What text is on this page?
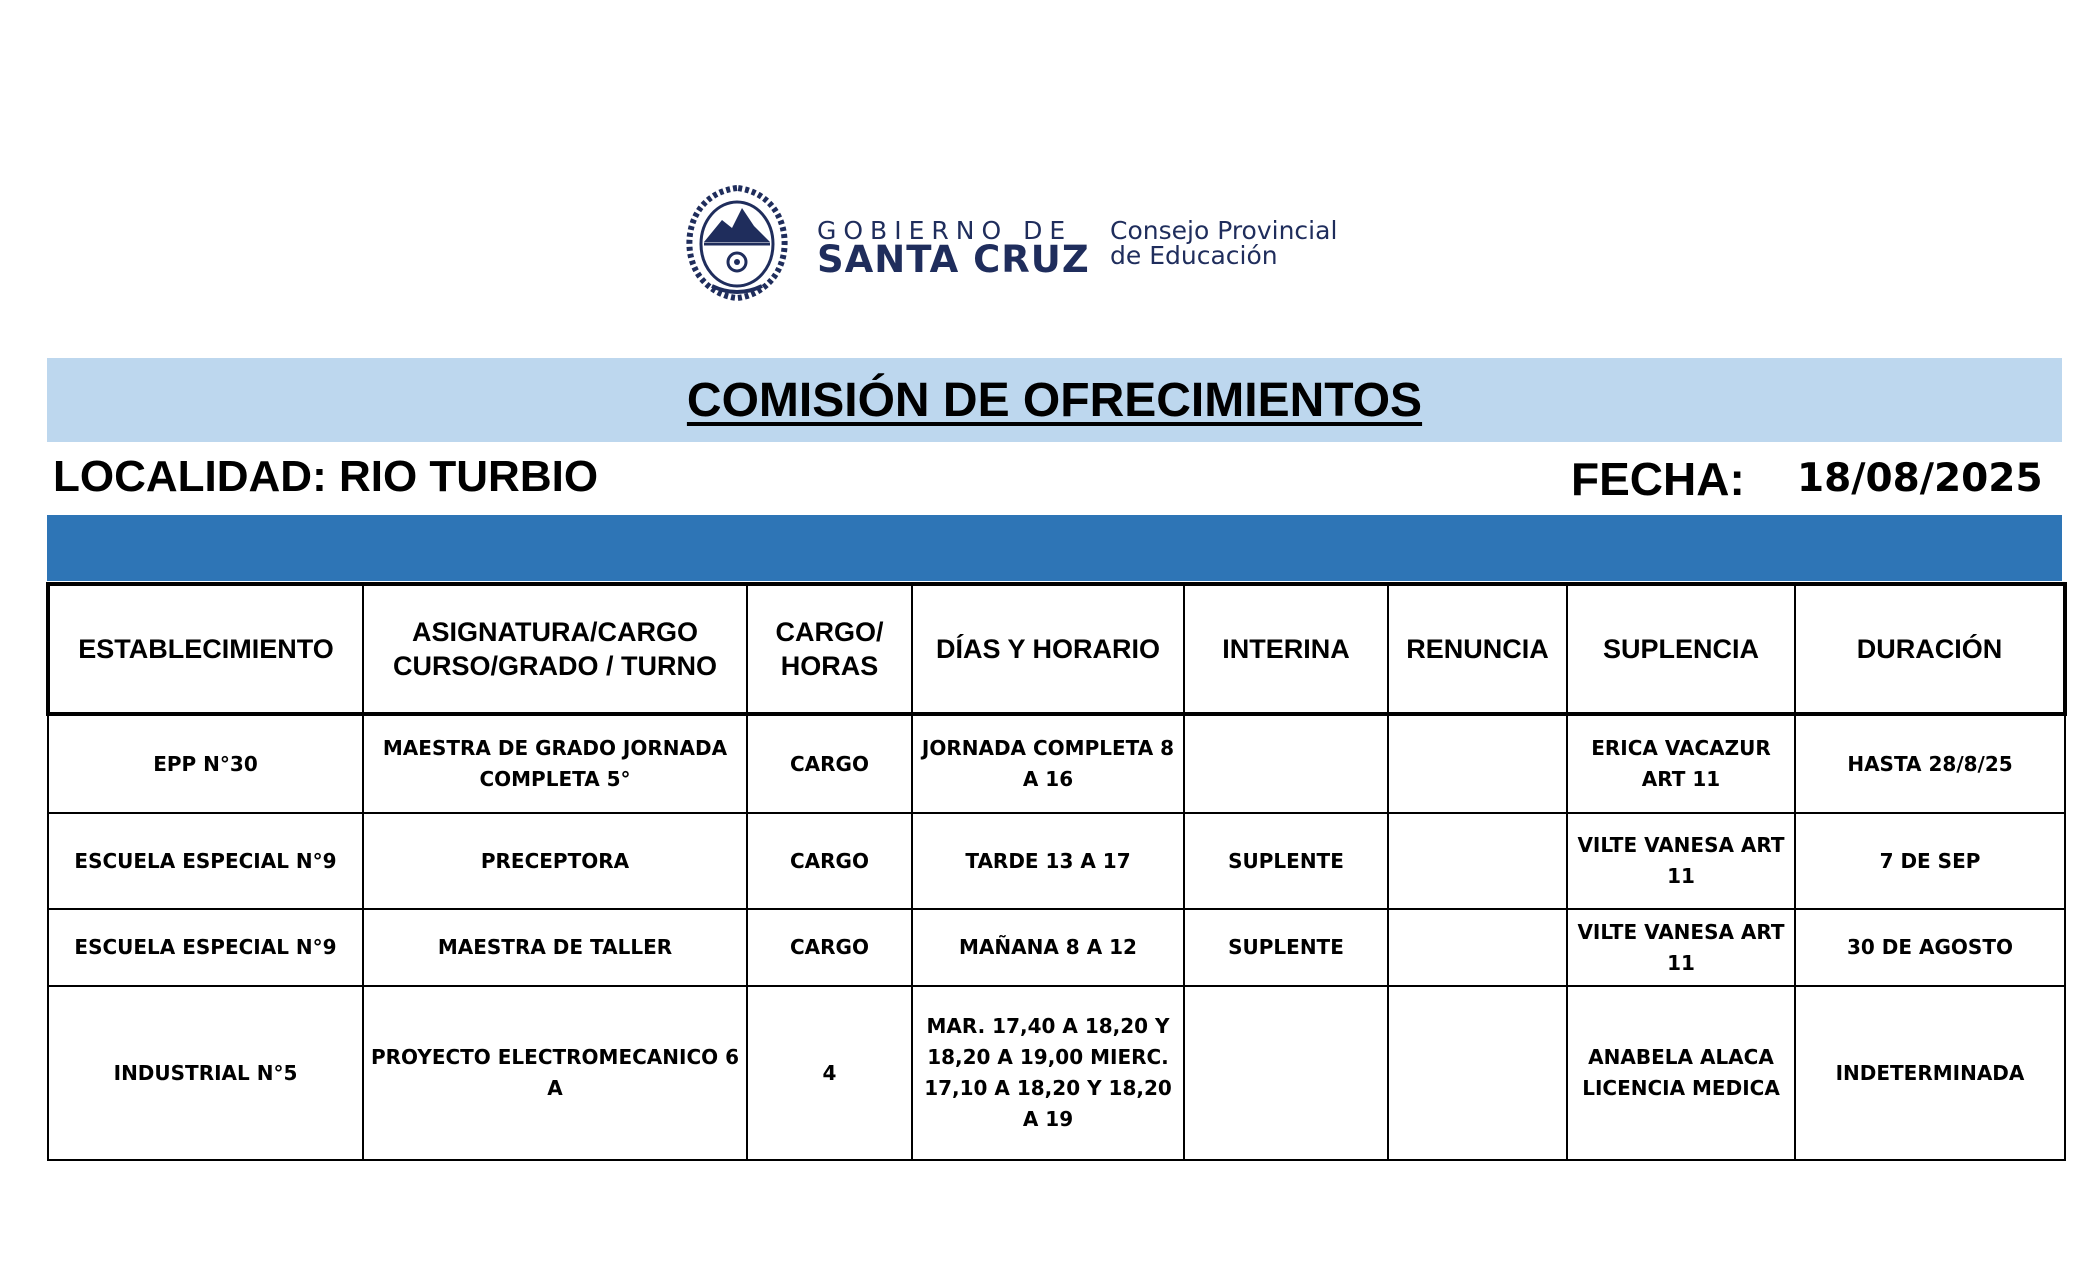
GOBIERNO DE
SANTA CRUZ
Consejo Provincial
de Educación
COMISIÓN DE OFRECIMIENTOS
LOCALIDAD: RIO TURBIO	FECHA: 18/08/2025
ESTABLECIMIENTO	ASIGNATURA/CARGO CURSO/GRADO / TURNO	CARGO/ HORAS	DÍAS Y HORARIO	INTERINA	RENUNCIA	SUPLENCIA	DURACIÓN
EPP N°30	MAESTRA DE GRADO JORNADA COMPLETA 5°	CARGO	JORNADA COMPLETA 8 A 16			ERICA VACAZUR ART 11	HASTA 28/8/25
ESCUELA ESPECIAL N°9	PRECEPTORA	CARGO	TARDE 13 A 17	SUPLENTE		VILTE VANESA ART 11	7 DE SEP
ESCUELA ESPECIAL N°9	MAESTRA DE TALLER	CARGO	MAÑANA 8 A 12	SUPLENTE		VILTE VANESA ART 11	30 DE AGOSTO
INDUSTRIAL N°5	PROYECTO ELECTROMECANICO 6 A	4	MAR. 17,40 A 18,20 Y 18,20 A 19,00 MIERC. 17,10 A 18,20 Y 18,20 A 19			ANABELA ALACA LICENCIA MEDICA	INDETERMINADA
